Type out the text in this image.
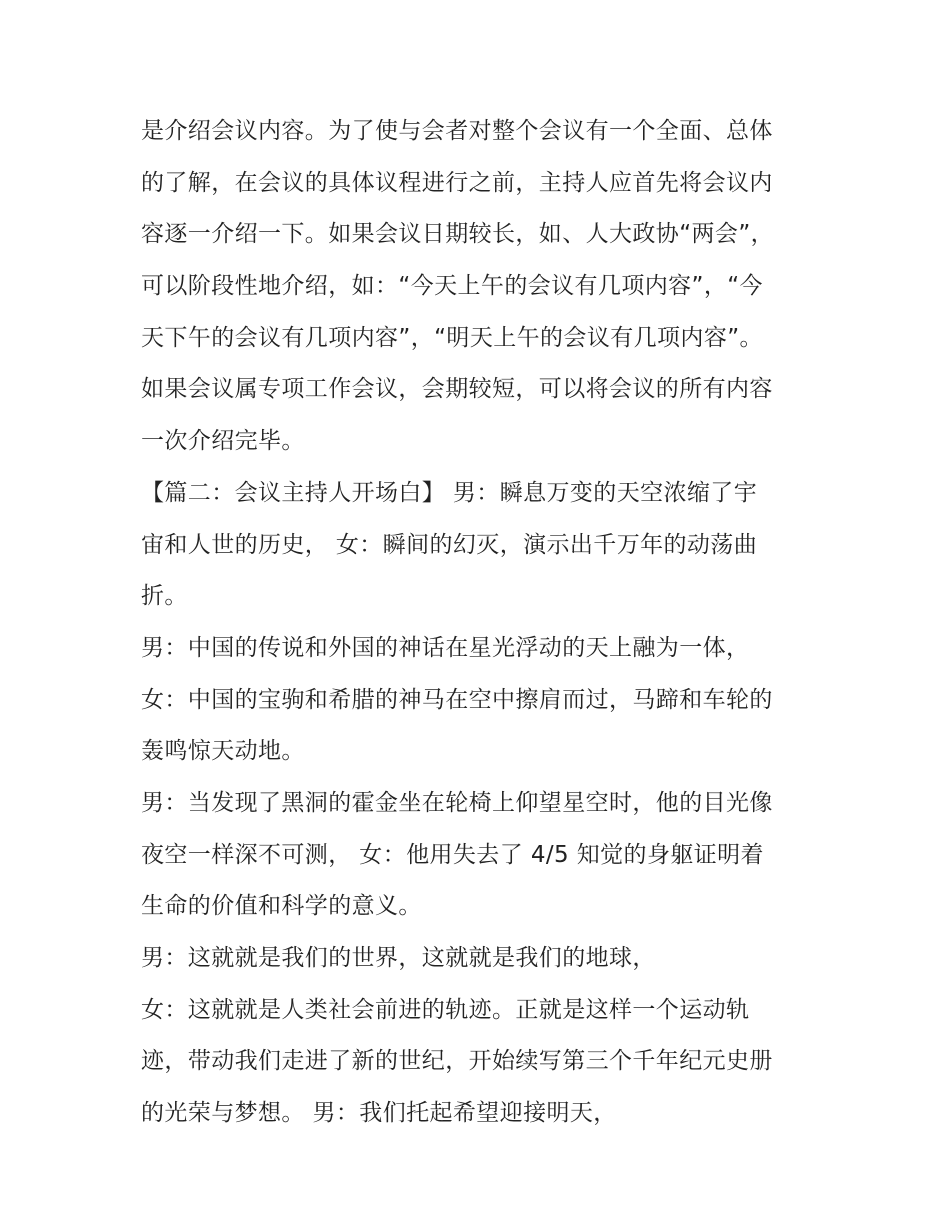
是介绍会议内容。为了使与会者对整个会议有一个全面、总体
的了解，在会议的具体议程进行之前，主持人应首先将会议内
容逐一介绍一下。如果会议日期较长，如、人大政协“两会”，
可以阶段性地介绍，如：“今天上午的会议有几项内容”，“今
天下午的会议有几项内容”，“明天上午的会议有几项内容”。
如果会议属专项工作会议，会期较短，可以将会议的所有内容
一次介绍完毕。
【篇二：会议主持人开场白】 男：瞬息万变的天空浓缩了宇
宙和人世的历史， 女：瞬间的幻灭，演示出千万年的动荡曲
折。
男：中国的传说和外国的神话在星光浮动的天上融为一体，
女：中国的宝驹和希腊的神马在空中擦肩而过，马蹄和车轮的
轰鸣惊天动地。
男：当发现了黑洞的霍金坐在轮椅上仰望星空时，他的目光像
夜空一样深不可测， 女：他用失去了 4/5 知觉的身躯证明着
生命的价值和科学的意义。
男：这就就是我们的世界，这就就是我们的地球，
女：这就就是人类社会前进的轨迹。正就是这样一个运动轨
迹，带动我们走进了新的世纪，开始续写第三个千年纪元史册
的光荣与梦想。 男：我们托起希望迎接明天，
